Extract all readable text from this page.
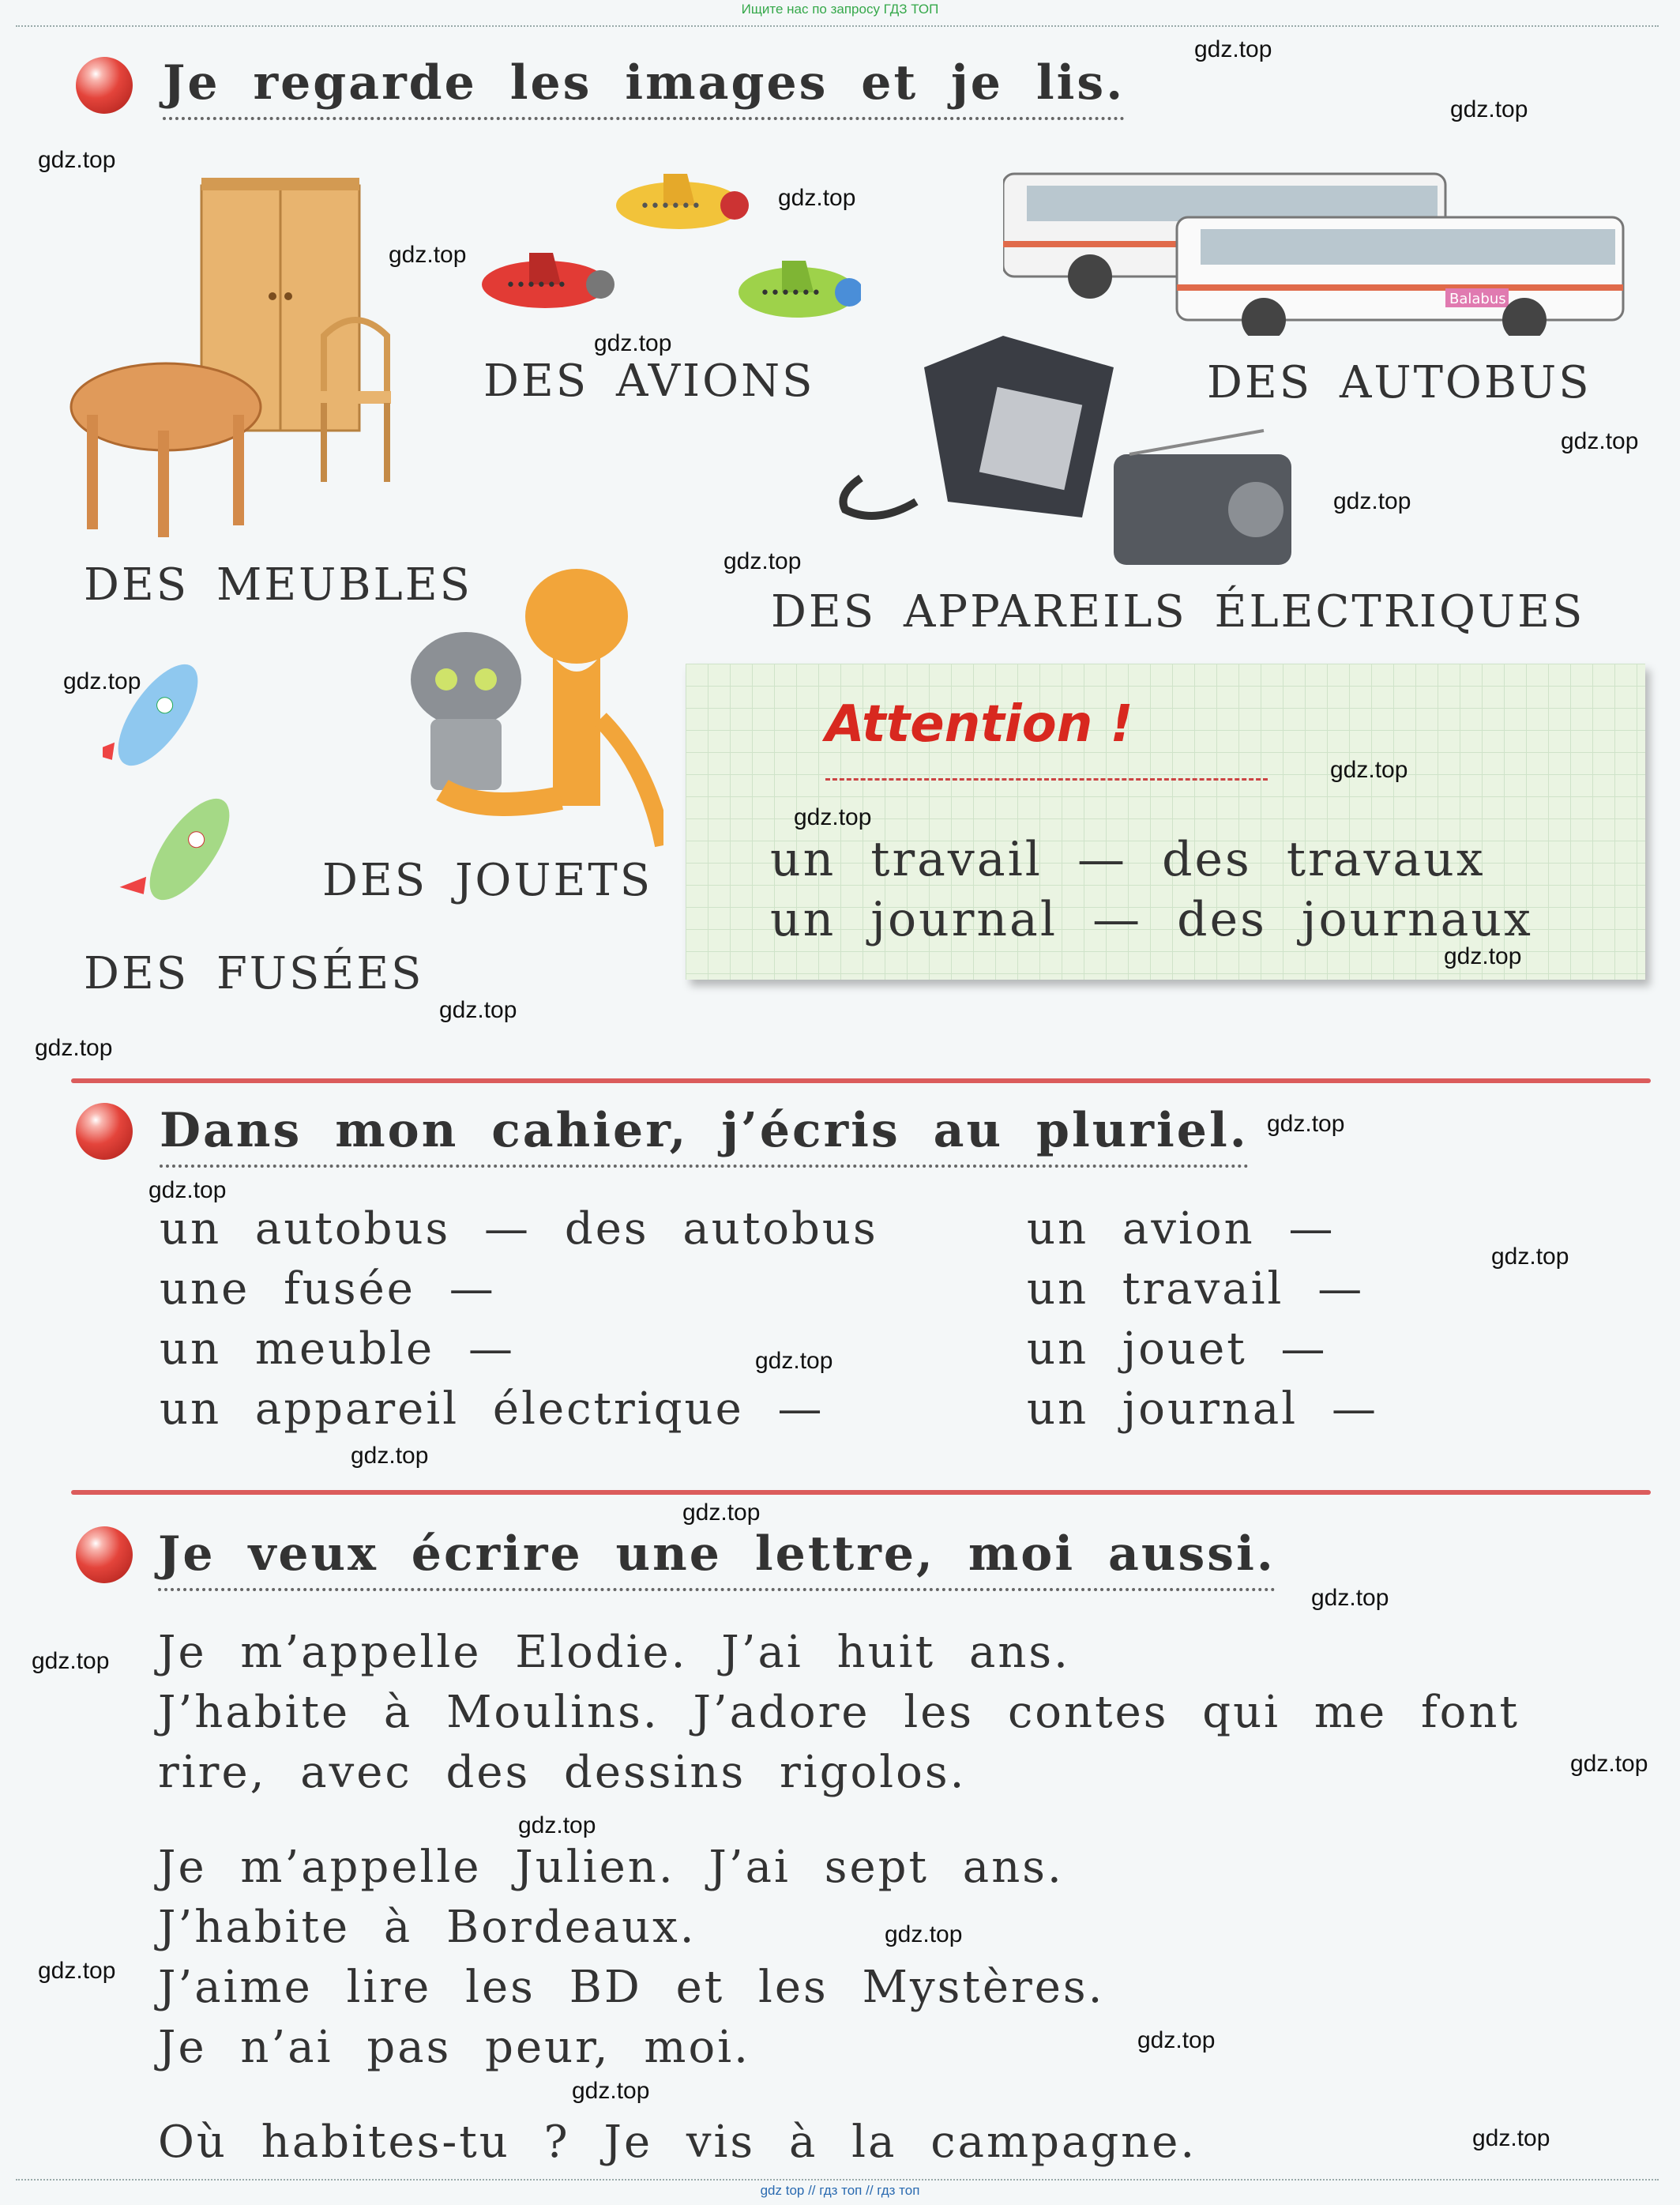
Ищите нас по запросу ГДЗ ТОП
Je regarde les images et je lis.
••••••
••••••	••••••
DES AVIONS
Balabus
DES AUTOBUS
DES MEUBLES
DES APPAREILS ÉLECTRIQUES
DES JOUETS
DES FUSÉES
Attention !
un travail — des travaux
un journal — des journaux
Dans mon cahier, j’écris au pluriel.
un autobus — des autobus
une fusée —
un meuble —
un appareil électrique —
un avion —
un travail —
un jouet —
un journal —
Je veux écrire une lettre, moi aussi.
Je m’appelle Elodie. J’ai huit ans.
J’habite à Moulins. J’adore les contes qui me font
rire, avec des dessins rigolos.
Je m’appelle Julien. J’ai sept ans.
J’habite à Bordeaux.
J’aime lire les BD et les Mystères.
Je n’ai pas peur, moi.
Où habites-tu ? Je vis à la campagne.
gdz.top
gdz.top
gdz.top
gdz.top
gdz.top
gdz.top
gdz.top
gdz.top
gdz.top
gdz.top
gdz.top
gdz.top
gdz.top
gdz.top
gdz.top
gdz.top
gdz.top
gdz.top
gdz.top
gdz.top
gdz.top
gdz.top
gdz.top
gdz.top
gdz.top
gdz.top
gdz.top
gdz.top
gdz.top
gdz.top
gdz top // гдз топ // гдз топ
